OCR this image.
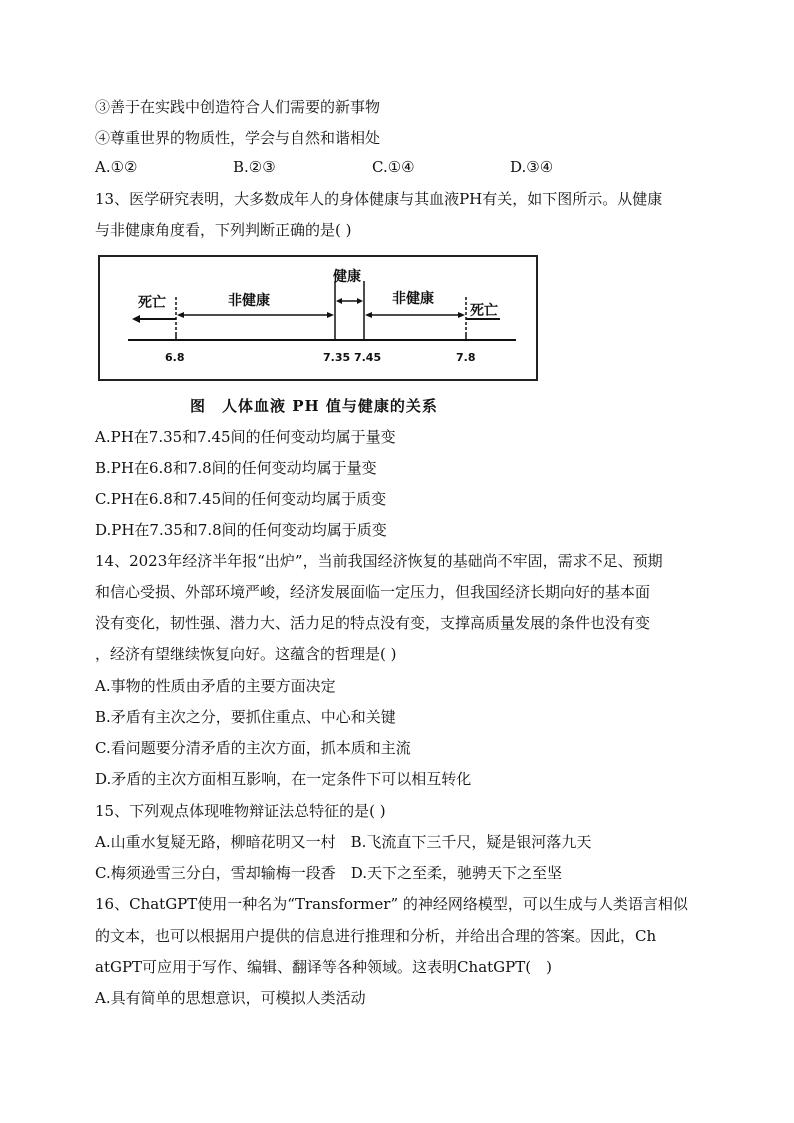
③善于在实践中创造符合人们需要的新事物
④尊重世界的物质性，学会与自然和谐相处
A.①②	B.②③	C.①④	D.③④
13、医学研究表明，大多数成年人的身体健康与其血液PH有关，如下图所示。从健康
与非健康角度看，下列判断正确的是( )
死亡	非健康
健康
非健康
死亡
6.8	7.35 7.45	7.8
图　人体血液 PH 值与健康的关系
A.PH在7.35和7.45间的任何变动均属于量变
B.PH在6.8和7.8间的任何变动均属于量变
C.PH在6.8和7.45间的任何变动均属于质变
D.PH在7.35和7.8间的任何变动均属于质变
14、2023年经济半年报“出炉”，当前我国经济恢复的基础尚不牢固，需求不足、预期
和信心受损、外部环境严峻，经济发展面临一定压力，但我国经济长期向好的基本面
没有变化，韧性强、潜力大、活力足的特点没有变，支撑高质量发展的条件也没有变
，经济有望继续恢复向好。这蕴含的哲理是( )
A.事物的性质由矛盾的主要方面决定
B.矛盾有主次之分，要抓住重点、中心和关键
C.看问题要分清矛盾的主次方面，抓本质和主流
D.矛盾的主次方面相互影响，在一定条件下可以相互转化
15、下列观点体现唯物辩证法总特征的是( )
A.山重水复疑无路，柳暗花明又一村　B.飞流直下三千尺，疑是银河落九天
C.梅须逊雪三分白，雪却输梅一段香　D.天下之至柔，驰骋天下之至坚
16、ChatGPT使用一种名为“Transformer” 的神经网络模型，可以生成与人类语言相似
的文本，也可以根据用户提供的信息进行推理和分析，并给出合理的答案。因此，Ch
atGPT可应用于写作、编辑、翻译等各种领域。这表明ChatGPT(　)
A.具有简单的思想意识，可模拟人类活动
